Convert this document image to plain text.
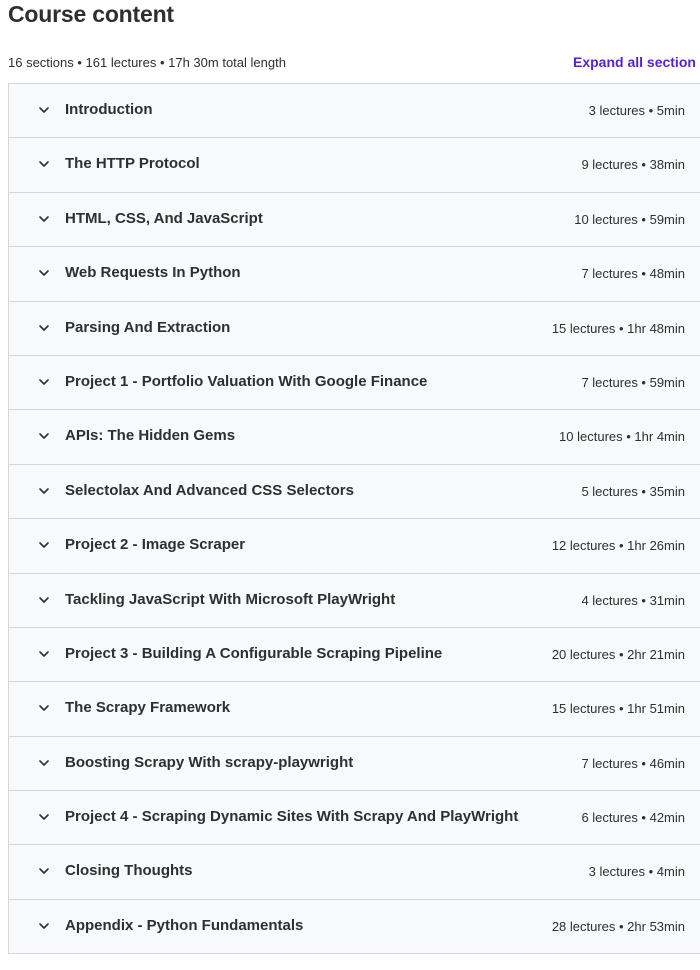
Course content
16 sections • 161 lectures • 17h 30m total length	Expand all section
Introduction	3 lectures • 5min
The HTTP Protocol	9 lectures • 38min
HTML, CSS, And JavaScript	10 lectures • 59min
Web Requests In Python	7 lectures • 48min
Parsing And Extraction	15 lectures • 1hr 48min
Project 1 - Portfolio Valuation With Google Finance	7 lectures • 59min
APIs: The Hidden Gems	10 lectures • 1hr 4min
Selectolax And Advanced CSS Selectors	5 lectures • 35min
Project 2 - Image Scraper	12 lectures • 1hr 26min
Tackling JavaScript With Microsoft PlayWright	4 lectures • 31min
Project 3 - Building A Configurable Scraping Pipeline	20 lectures • 2hr 21min
The Scrapy Framework	15 lectures • 1hr 51min
Boosting Scrapy With scrapy-playwright	7 lectures • 46min
Project 4 - Scraping Dynamic Sites With Scrapy And PlayWright	6 lectures • 42min
Closing Thoughts	3 lectures • 4min
Appendix - Python Fundamentals	28 lectures • 2hr 53min
